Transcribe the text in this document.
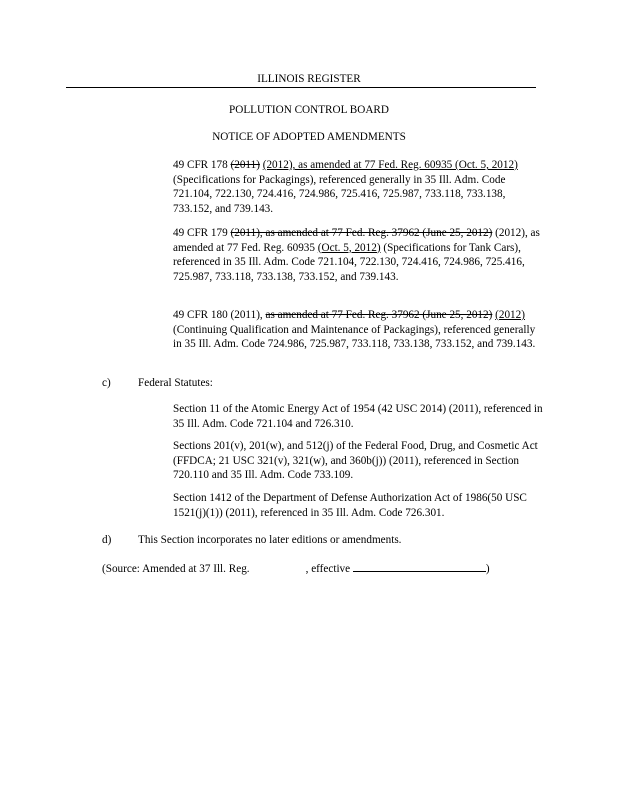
ILLINOIS REGISTER
POLLUTION CONTROL BOARD
NOTICE OF ADOPTED AMENDMENTS

49 CFR 178 (2011) (2012), as amended at 77 Fed. Reg. 60935 (Oct. 5, 2012) (Specifications for Packagings), referenced generally in 35 Ill. Adm. Code 721.104, 722.130, 724.416, 724.986, 725.416, 725.987, 733.118, 733.138, 733.152, and 739.143.

49 CFR 179 (2011), as amended at 77 Fed. Reg. 37962 (June 25, 2012) (2012), as amended at 77 Fed. Reg. 60935 (Oct. 5, 2012) (Specifications for Tank Cars), referenced in 35 Ill. Adm. Code 721.104, 722.130, 724.416, 724.986, 725.416, 725.987, 733.118, 733.138, 733.152, and 739.143.

49 CFR 180 (2011), as amended at 77 Fed. Reg. 37962 (June 25, 2012) (2012) (Continuing Qualification and Maintenance of Packagings), referenced generally in 35 Ill. Adm. Code 724.986, 725.987, 733.118, 733.138, 733.152, and 739.143.

c) Federal Statutes:

Section 11 of the Atomic Energy Act of 1954 (42 USC 2014) (2011), referenced in 35 Ill. Adm. Code 721.104 and 726.310.

Sections 201(v), 201(w), and 512(j) of the Federal Food, Drug, and Cosmetic Act (FFDCA; 21 USC 321(v), 321(w), and 360b(j)) (2011), referenced in Section 720.110 and 35 Ill. Adm. Code 733.109.

Section 1412 of the Department of Defense Authorization Act of 1986(50 USC 1521(j)(1)) (2011), referenced in 35 Ill. Adm. Code 726.301.

d) This Section incorporates no later editions or amendments.
(Source: Amended at 37 Ill. Reg.	, effective	)
